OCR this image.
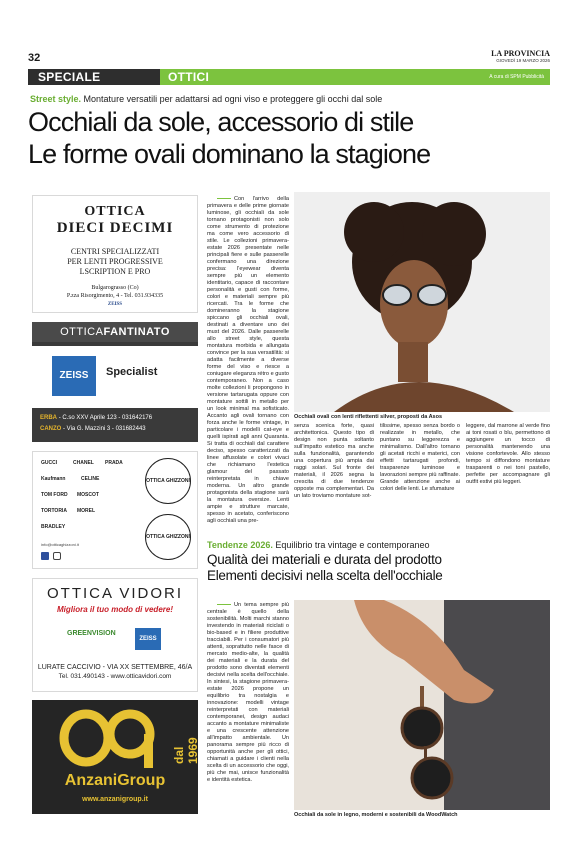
32	LA PROVINCIA
GIOVEDÌ 19 MARZO 2026
SPECIALE	OTTICI	A cura di SPM Pubblicità
Street style. Montature versatili per adattarsi ad ogni viso e proteggere gli occhi dal sole
Occhiali da sole, accessorio di stile
Le forme ovali dominano la stagione
OTTICA
DIECI DECIMI
CENTRI SPECIALIZZATI
PER LENTI PROGRESSIVE
LSCRIPTION E PRO
Bulgarograsso (Co)
P.zza Risorgimento, 4 - Tel. 031.934335
ZEISS
OTTICAFANTINATO
ZEISS	Specialist
ERBA - C.so XXV Aprile 123 - 031642176
CANZO - Via G. Mazzini 3 - 031682443
GUCCI	CHANEL PRADA
Kaufmann	CELINE
TOM FORD MOSCOT
TORTORIA MOREL
BRADLEY
OTTICA GHIZZONI
OTTICA GHIZZONI
info@otticaghizzoni.it
OTTICA VIDORI
Migliora il tuo modo di vedere!
GREENVISION
ZEISS
LURATE CACCIVIO - VIA XX SETTEMBRE, 46/A
Tel. 031.490143 - www.otticavidori.com
dal 1969
AnzaniGroup
www.anzanigroup.it

Con l'arrivo della primavera e delle prime giornate luminose, gli occhiali da sole tornano protagonisti non solo come strumento di protezione ma come vero accessorio di stile. Le collezioni primavera-estate 2026 presentate nelle principali fiere e sulle passerelle confermano una direzione precisa: l'eyewear diventa sempre più un elemento identitario, capace di raccontare personalità e gusti con forme, colori e materiali sempre più ricercati. Tra le forme che domineranno la stagione spiccano gli occhiali ovali, destinati a diventare uno dei must del 2026. Dalle passerelle allo street style, questa montatura morbida e allungata convince per la sua versatilità: si adatta facilmente a diverse forme del viso e riesce a coniugare eleganza rétro e gusto contemporaneo. Non a caso molte collezioni li propongono in versione tartarugata oppure con montature sottili in metallo per un look minimal ma sofisticato. Accanto agli ovali tornano con forza anche le forme vintage, in particolare i modelli cat-eye e quelli ispirati agli anni Quaranta. Si tratta di occhiali dal carattere deciso, spesso caratterizzati da linee affusolate e colori vivaci che richiamano l'estetica glamour del passato reinterpretata in chiave moderna. Un altro grande protagonista della stagione sarà la montatura oversize. Lenti ampie e strutture marcate, spesso in acetato, conferiscono agli occhiali una pre-

Occhiali ovali con lenti riflettenti silver, proposti da Asos
senza scenica forte, quasi architettonica. Questo tipo di design non punta soltanto sull'impatto estetico ma anche sulla funzionalità, garantendo una copertura più ampia dai raggi solari. Sul fronte dei materiali, il 2026 segna la crescita di due tendenze opposte ma complementari. Da un lato troviamo montature sot-
tilissime, spesso senza bordo o realizzate in metallo, che puntano su leggerezza e minimalismo. Dall'altro tornano gli acetati ricchi e materici, con effetti tartarugati profondi, trasparenze luminose e lavorazioni sempre più raffinate. Grande attenzione anche ai colori delle lenti. Le sfumature
leggere, dal marrone al verde fino ai toni rosati o blu, permettono di aggiungere un tocco di personalità mantenendo una visione confortevole. Allo stesso tempo si diffondono montature trasparenti o nei toni pastello, perfette per accompagnare gli outfit estivi più leggeri.
Tendenze 2026. Equilibrio tra vintage e contemporaneo
Qualità dei materiali e durata del prodotto
Elementi decisivi nella scelta dell'occhiale

Un tema sempre più centrale è quello della sostenibilità. Molti marchi stanno investendo in materiali riciclati o bio-based e in filiere produttive tracciabili. Per i consumatori più attenti, soprattutto nelle fasce di mercato medio-alte, la qualità dei materiali e la durata del prodotto sono diventati elementi decisivi nella scelta dell'occhiale. In sintesi, la stagione primavera-estate 2026 propone un equilibrio tra nostalgia e innovazione: modelli vintage reinterpretati con materiali contemporanei, design audaci accanto a montature minimaliste e una crescente attenzione all'impatto ambientale. Un panorama sempre più ricco di opportunità anche per gli ottici, chiamati a guidare i clienti nella scelta di un accessorio che oggi, più che mai, unisce funzionalità e identità estetica.

Occhiali da sole in legno, moderni e sostenibili da WoodWatch
